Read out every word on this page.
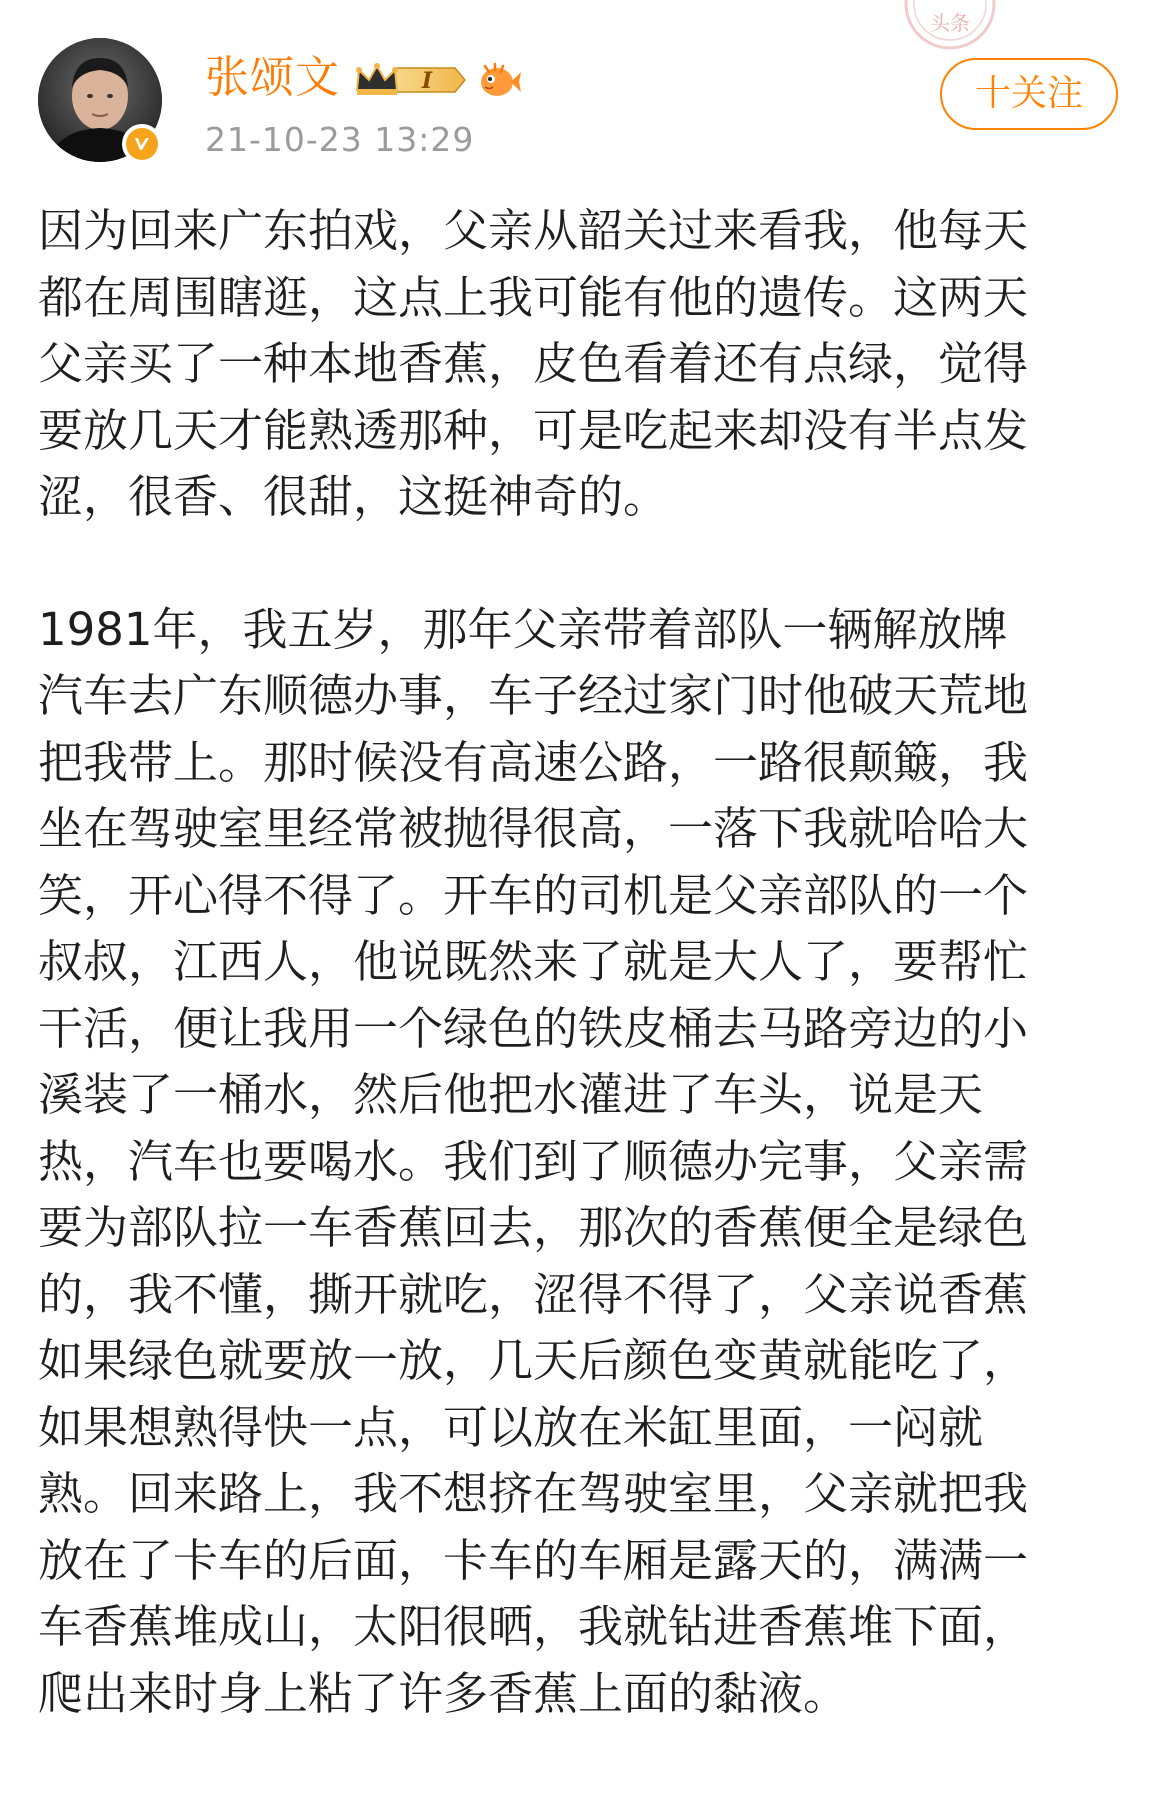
头条
张颂文	I
21-10-23 13:29
十关注

因为回来广东拍戏，父亲从韶关过来看我，他每天
都在周围瞎逛，这点上我可能有他的遗传。这两天
父亲买了一种本地香蕉，皮色看着还有点绿，觉得
要放几天才能熟透那种，可是吃起来却没有半点发
涩，很香、很甜，这挺神奇的。

1981年，我五岁，那年父亲带着部队一辆解放牌
汽车去广东顺德办事，车子经过家门时他破天荒地
把我带上。那时候没有高速公路，一路很颠簸，我
坐在驾驶室里经常被抛得很高，一落下我就哈哈大
笑，开心得不得了。开车的司机是父亲部队的一个
叔叔，江西人，他说既然来了就是大人了，要帮忙
干活，便让我用一个绿色的铁皮桶去马路旁边的小
溪装了一桶水，然后他把水灌进了车头，说是天
热，汽车也要喝水。我们到了顺德办完事，父亲需
要为部队拉一车香蕉回去，那次的香蕉便全是绿色
的，我不懂，撕开就吃，涩得不得了，父亲说香蕉
如果绿色就要放一放，几天后颜色变黄就能吃了，
如果想熟得快一点，可以放在米缸里面，一闷就
熟。回来路上，我不想挤在驾驶室里，父亲就把我
放在了卡车的后面，卡车的车厢是露天的，满满一
车香蕉堆成山，太阳很晒，我就钻进香蕉堆下面，
爬出来时身上粘了许多香蕉上面的黏液。
